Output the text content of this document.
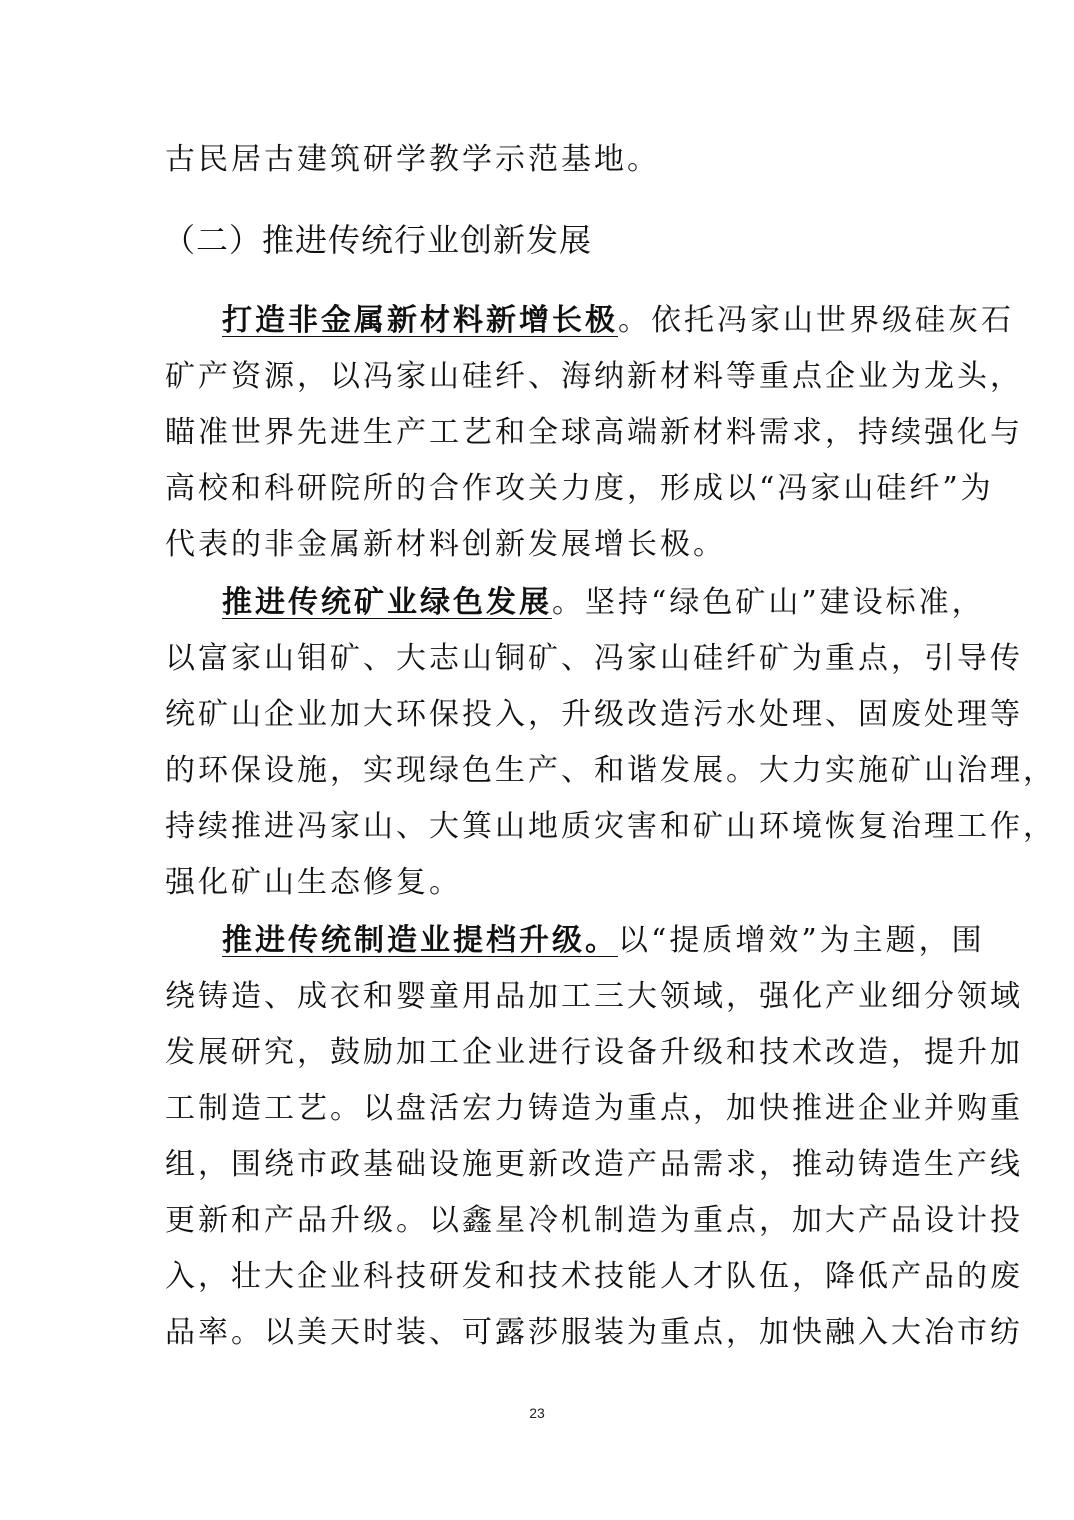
古民居古建筑研学教学示范基地。
（二）推进传统行业创新发展
打造非金属新材料新增长极。依托冯家山世界级硅灰石
矿产资源，以冯家山硅纤、海纳新材料等重点企业为龙头，
瞄准世界先进生产工艺和全球高端新材料需求，持续强化与
高校和科研院所的合作攻关力度，形成以“冯家山硅纤”为
代表的非金属新材料创新发展增长极。
推进传统矿业绿色发展。坚持“绿色矿山”建设标准，
以富家山钼矿、大志山铜矿、冯家山硅纤矿为重点，引导传
统矿山企业加大环保投入，升级改造污水处理、固废处理等
的环保设施，实现绿色生产、和谐发展。大力实施矿山治理，
持续推进冯家山、大箕山地质灾害和矿山环境恢复治理工作，
强化矿山生态修复。
推进传统制造业提档升级。以“提质增效”为主题，围
绕铸造、成衣和婴童用品加工三大领域，强化产业细分领域
发展研究，鼓励加工企业进行设备升级和技术改造，提升加
工制造工艺。以盘活宏力铸造为重点，加快推进企业并购重
组，围绕市政基础设施更新改造产品需求，推动铸造生产线
更新和产品升级。以鑫星冷机制造为重点，加大产品设计投
入，壮大企业科技研发和技术技能人才队伍，降低产品的废
品率。以美天时装、可露莎服装为重点，加快融入大冶市纺
23
